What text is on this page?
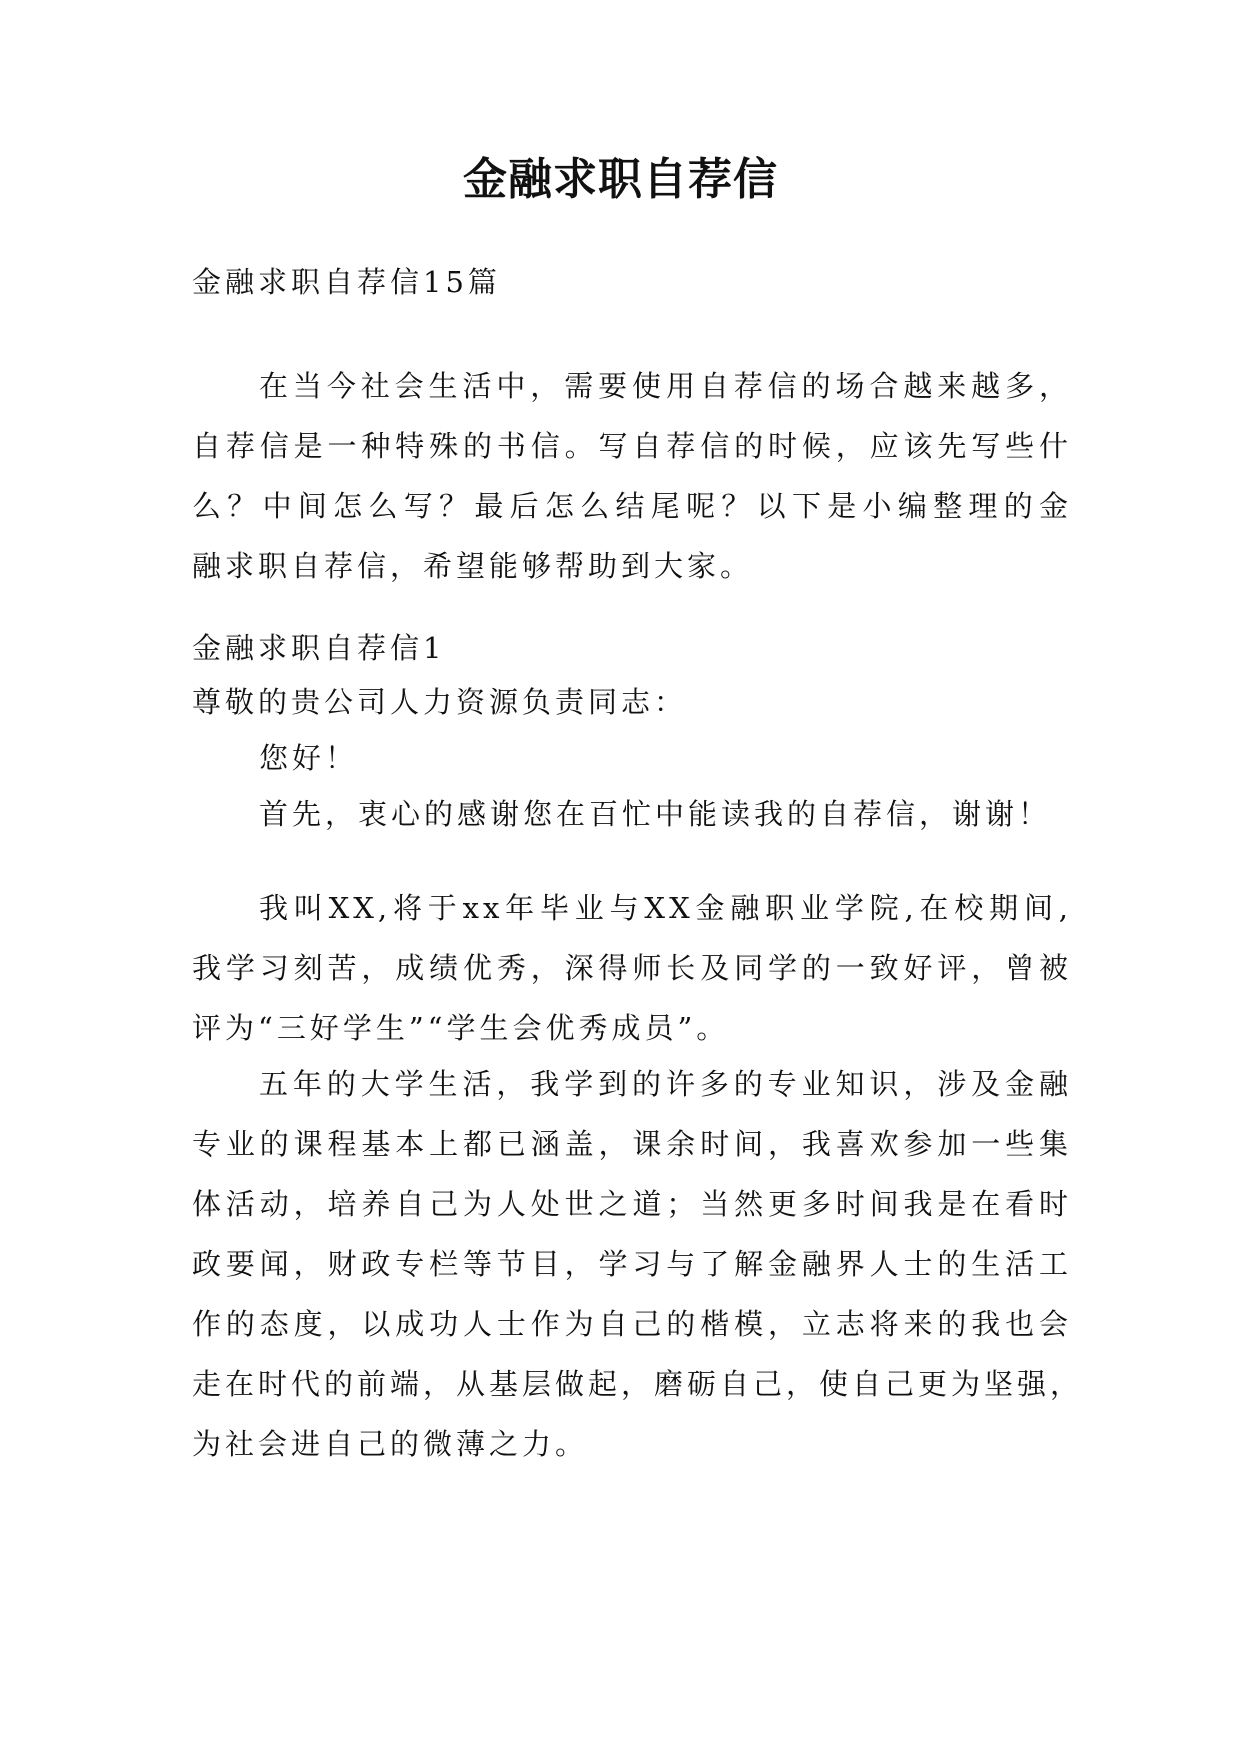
金融求职自荐信
金融求职自荐信15篇
在当今社会生活中，需要使用自荐信的场合越来越多，
自荐信是一种特殊的书信。写自荐信的时候，应该先写些什
么？中间怎么写？最后怎么结尾呢？以下是小编整理的金
融求职自荐信，希望能够帮助到大家。
金融求职自荐信1
尊敬的贵公司人力资源负责同志：
您好！
首先，衷心的感谢您在百忙中能读我的自荐信，谢谢！
我叫XX,将于xx年毕业与XX金融职业学院,在校期间,
我学习刻苦，成绩优秀，深得师长及同学的一致好评，曾被
评为“三好学生”“学生会优秀成员”。
五年的大学生活，我学到的许多的专业知识，涉及金融
专业的课程基本上都已涵盖，课余时间，我喜欢参加一些集
体活动，培养自己为人处世之道；当然更多时间我是在看时
政要闻，财政专栏等节目，学习与了解金融界人士的生活工
作的态度，以成功人士作为自己的楷模，立志将来的我也会
走在时代的前端，从基层做起，磨砺自己，使自己更为坚强，
为社会进自己的微薄之力。
